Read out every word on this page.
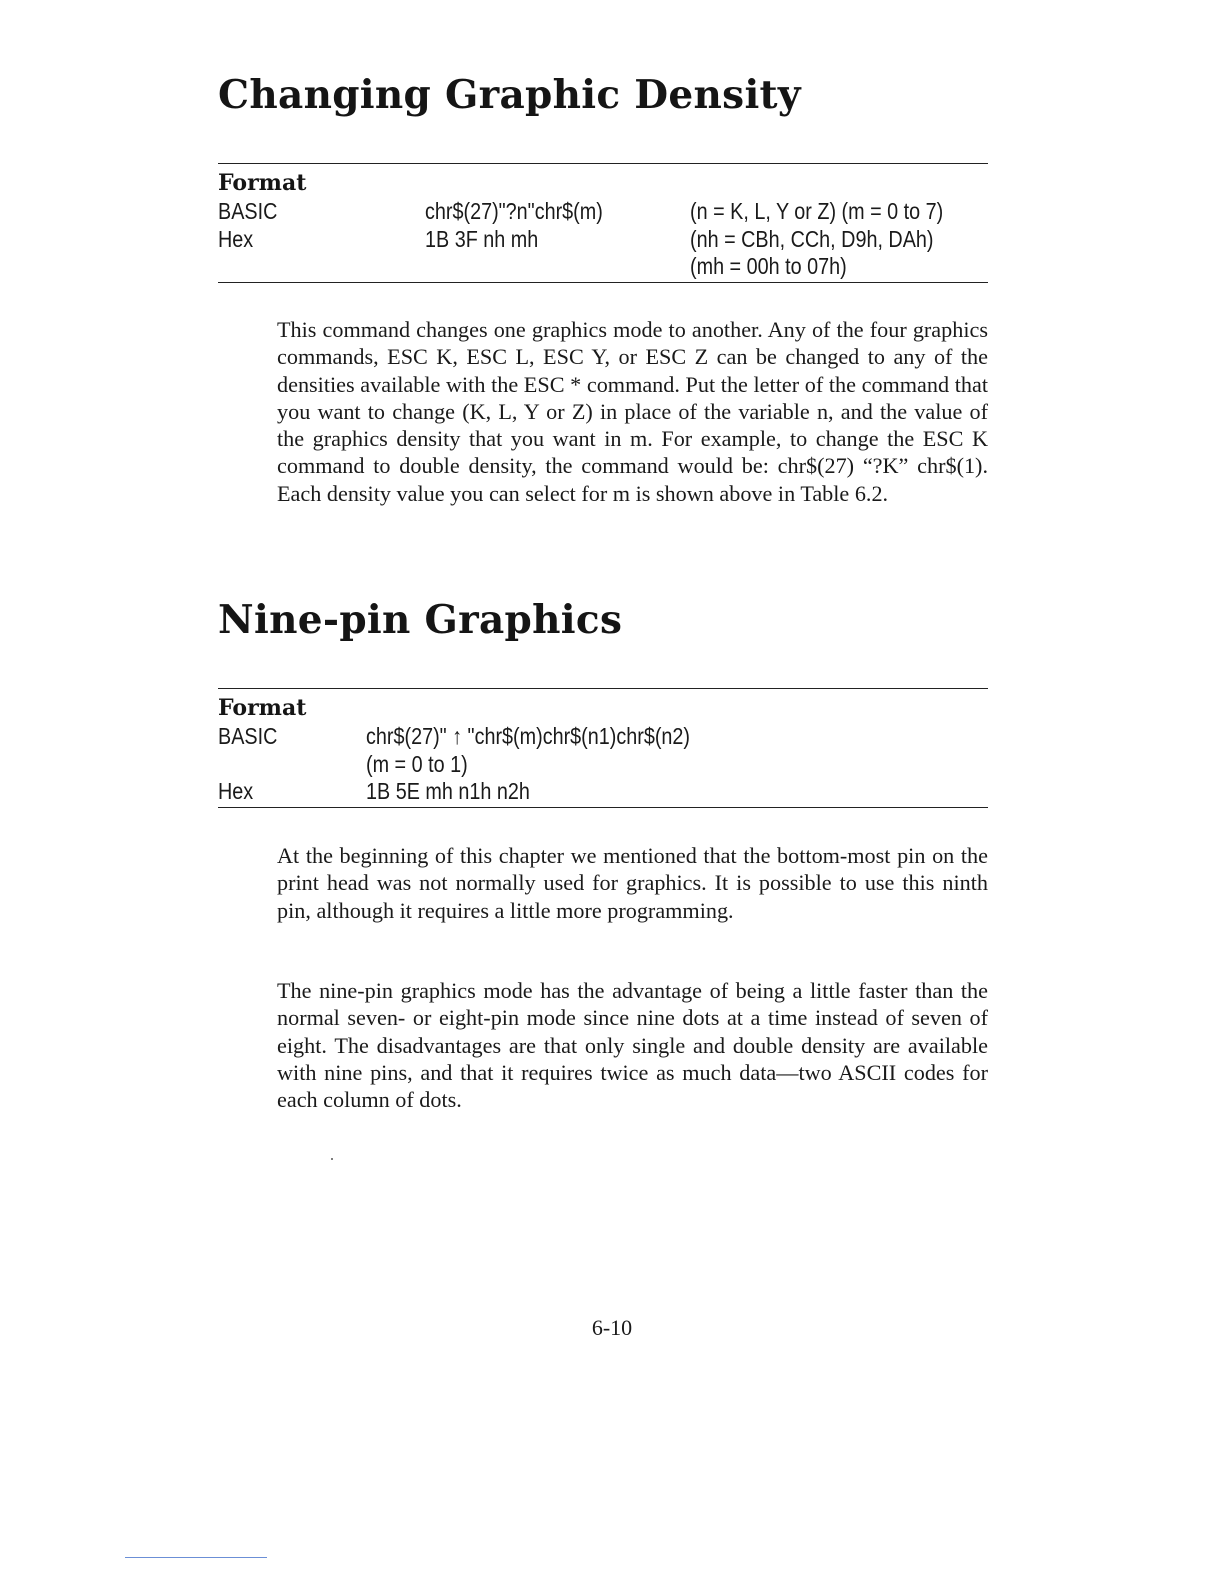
Changing Graphic Density
Format
BASIC	chr$(27)"?n"chr$(m)	(n = K, L, Y or Z) (m = 0 to 7)
Hex	1B 3F nh mh	(nh = CBh, CCh, D9h, DAh)
(mh = 00h to 07h)

This command changes one graphics mode to another. Any of the four graphics commands, ESC K, ESC L, ESC Y, or ESC Z can be changed to any of the densities available with the ESC * command. Put the letter of the command that you want to change (K, L, Y or Z) in place of the variable n, and the value of the graphics density that you want in m. For example, to change the ESC K command to double density, the command would be: chr$(27) “?K” chr$(1). Each density value you can select for m is shown above in Table 6.2.

Nine-pin Graphics
Format
BASIC	chr$(27)" ↑ "chr$(m)chr$(n1)chr$(n2)
(m = 0 to 1)
Hex	1B 5E mh n1h n2h

At the beginning of this chapter we mentioned that the bottom-most pin on the print head was not normally used for graphics. It is possible to use this ninth pin, although it requires a little more programming.

The nine-pin graphics mode has the advantage of being a little faster than the normal seven- or eight-pin mode since nine dots at a time instead of seven of eight. The disadvantages are that only single and double density are available with nine pins, and that it requires twice as much data—two ASCII codes for each column of dots.

6-10
